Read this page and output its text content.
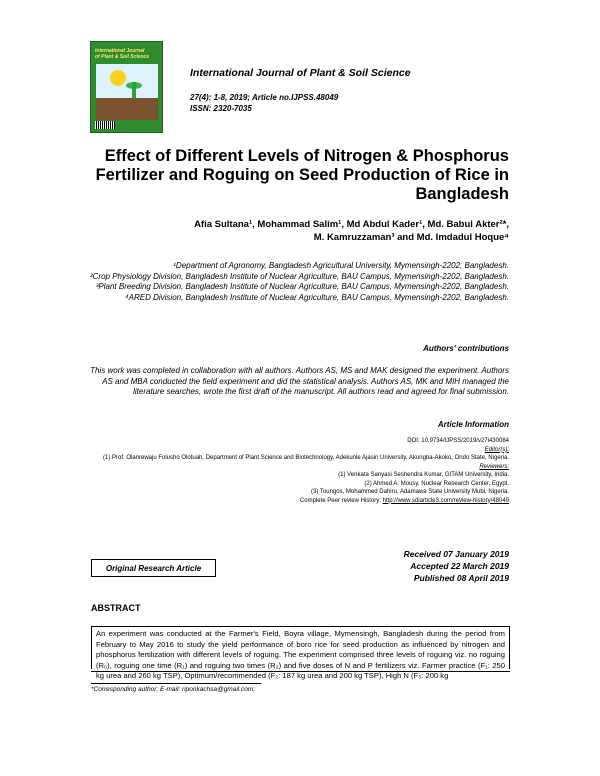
International Journal
of Plant & Soil Science
International Journal of Plant & Soil Science
27(4): 1-8, 2019; Article no.IJPSS.48049
ISSN: 2320-7035
Effect of Different Levels of Nitrogen & Phosphorus Fertilizer and Roguing on Seed Production of Rice in Bangladesh
Afia Sultana¹, Mohammad Salim¹, Md Abdul Kader¹, Md. Babul Akter²*,
M. Kamruzzaman³ and Md. Imdadul Hoque⁴
¹Department of Agronomy, Bangladesh Agricultural University, Mymensingh-2202, Bangladesh.
²Crop Physiology Division, Bangladesh Institute of Nuclear Agriculture, BAU Campus, Mymensingh-2202, Bangladesh.
³Plant Breeding Division, Bangladesh Institute of Nuclear Agriculture, BAU Campus, Mymensingh-2202, Bangladesh.
⁴ARED Division, Bangladesh Institute of Nuclear Agriculture, BAU Campus, Mymensingh-2202, Bangladesh.
Authors' contributions
This work was completed in collaboration with all authors. Authors AS, MS and MAK designed the experiment. Authors AS and MBA conducted the field experiment and did the statistical analysis. Authors AS, MK and MIH managed the literature searches, wrote the first draft of the manuscript. All authors read and agreed for final submission.
Article Information
DOI: 10.9734/IJPSS/2019/v27i430084
Editor(s):
(1) Prof. Olanrewaju Folusho Olotuah, Department of Plant Science and Biotechnology, Adekunle Ajasin University, Akungba-Akoko, Ondo State, Nigeria.
Reviewers:
(1) Venkata Sanyasi Seshendra Kumar, GITAM University, India.
(2) Ahmed A. Mousy, Nuclear Research Center, Egypt.
(3) Toungos, Mohammed Dahiru, Adamawa State University Mubi, Nigeria.
Complete Peer review History: http://www.sdiarticle3.com/review-history/48049
Received 07 January 2019
Accepted 22 March 2019
Published 08 April 2019
Original Research Article
ABSTRACT
An experiment was conducted at the Farmer's Field, Boyra village, Mymensingh, Bangladesh during the period from February to May 2016 to study the yield performance of boro rice for seed production as influenced by nitrogen and phosphorus fertilization with different levels of roguing. The experiment comprised three levels of roguing viz. no roguing (R₀), roguing one time (R₁) and roguing two times (R₂) and five doses of N and P fertilizers viz. Farmer practice (F₁: 250 kg urea and 260 kg TSP), Optimum/recommended (F₂: 187 kg urea and 200 kg TSP), High N (F₃: 200 kg
*Corresponding author: E-mail: riponkachsa@gmail.com;
